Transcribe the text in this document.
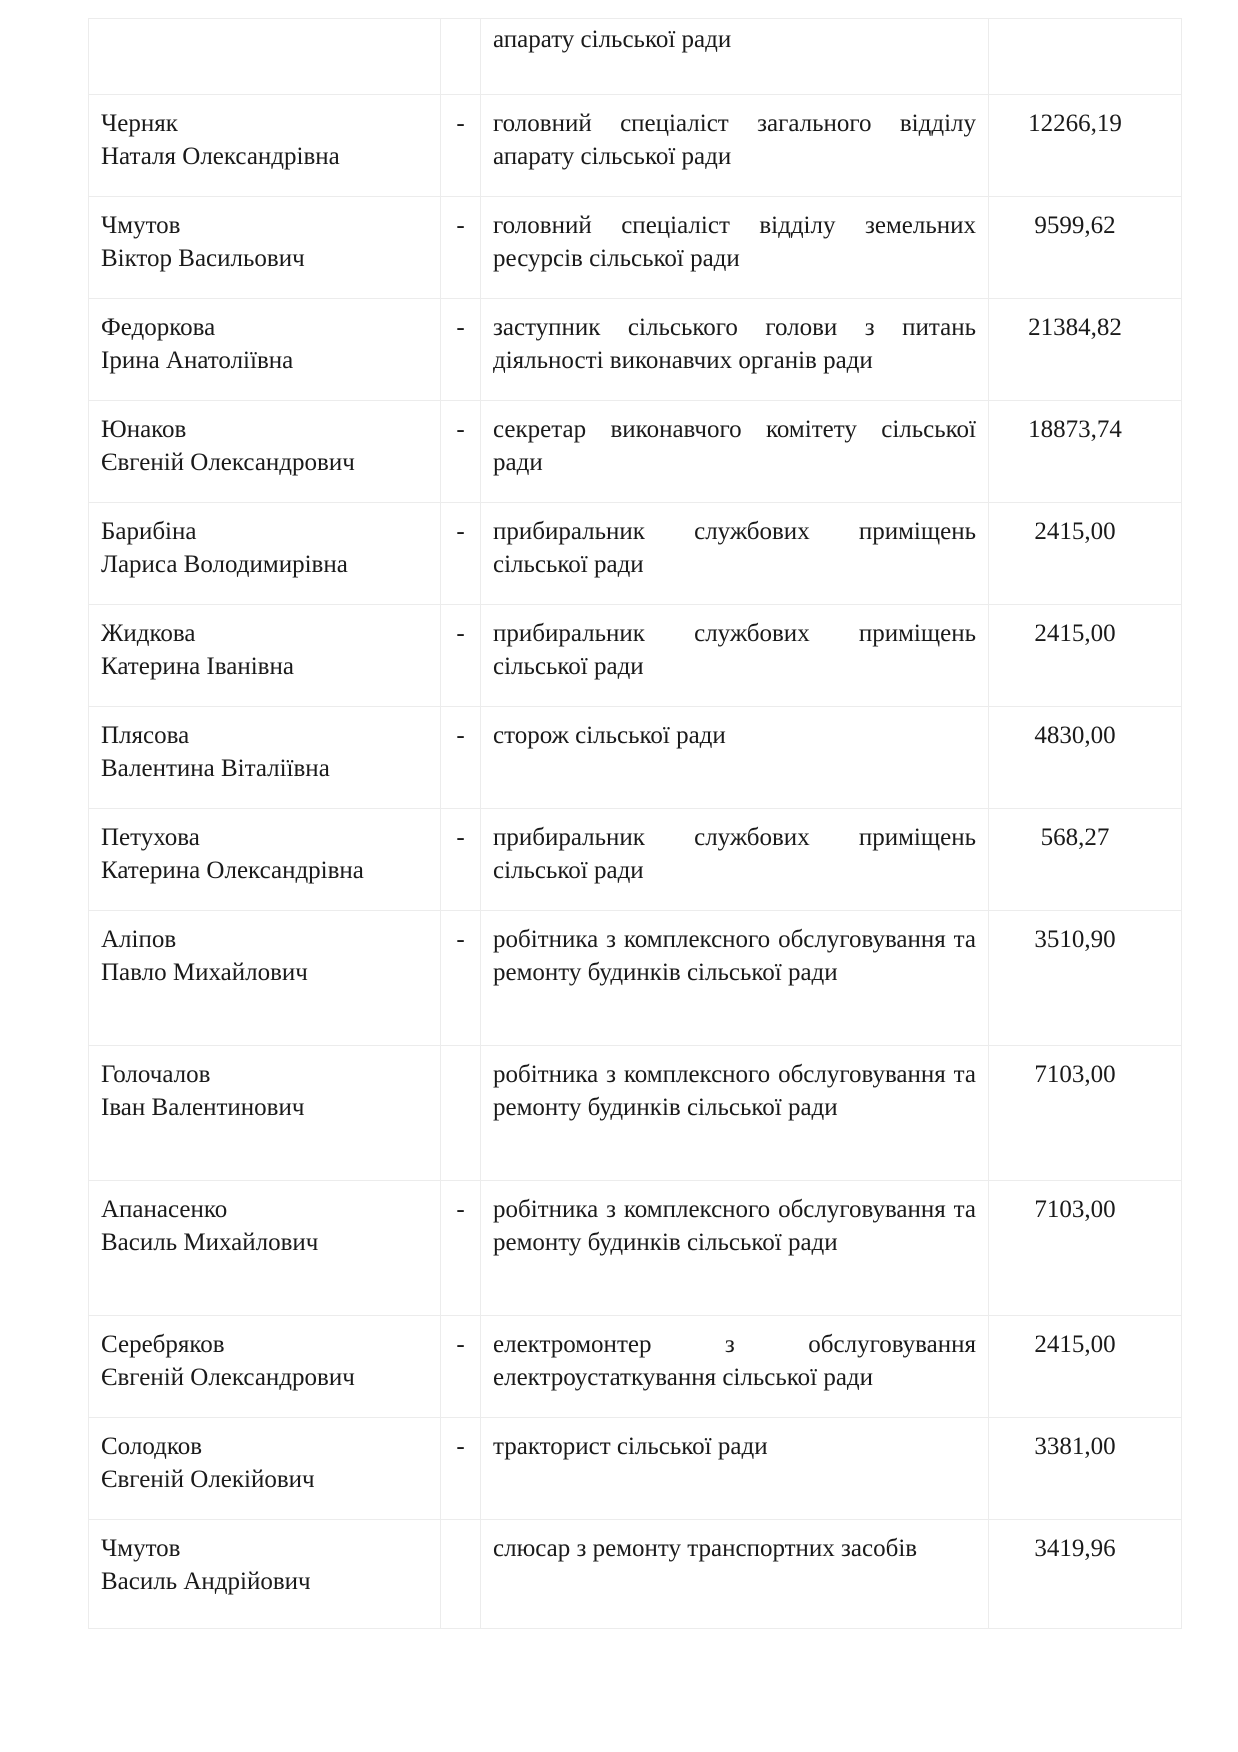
		апарату сільської ради	

Черняк
Наталя Олександрівна	-	головний спеціаліст загального відділу апарату сільської ради	12266,19

Чмутов
Віктор Васильович	-	головний спеціаліст відділу земельних ресурсів сільської ради	9599,62

Федоркова
Ірина Анатоліївна	-	заступник сільського голови з питань діяльності виконавчих органів ради	21384,82

Юнаков
Євгеній Олександрович	-	секретар виконавчого комітету сільської ради	18873,74

Барибіна
Лариса Володимирівна	-	прибиральник службових приміщень сільської ради	2415,00

Жидкова
Катерина Іванівна	-	прибиральник службових приміщень сільської ради	2415,00

Плясова
Валентина Віталіївна	-	сторож сільської ради	4830,00

Петухова
Катерина Олександрівна	-	прибиральник службових приміщень сільської ради	568,27

Аліпов
Павло Михайлович	-	робітника з комплексного обслуговування та ремонту будинків сільської ради	3510,90

Голочалов
Іван Валентинович		робітника з комплексного обслуговування та ремонту будинків сільської ради	7103,00

Апанасенко
Василь Михайлович	-	робітника з комплексного обслуговування та ремонту будинків сільської ради	7103,00

Серебряков
Євгеній Олександрович	-	електромонтер з обслуговування електроустаткування сільської ради	2415,00

Солодков
Євгеній Олекійович	-	тракторист сільської ради	3381,00

Чмутов
Василь Андрійович		слюсар з ремонту транспортних засобів	3419,96
